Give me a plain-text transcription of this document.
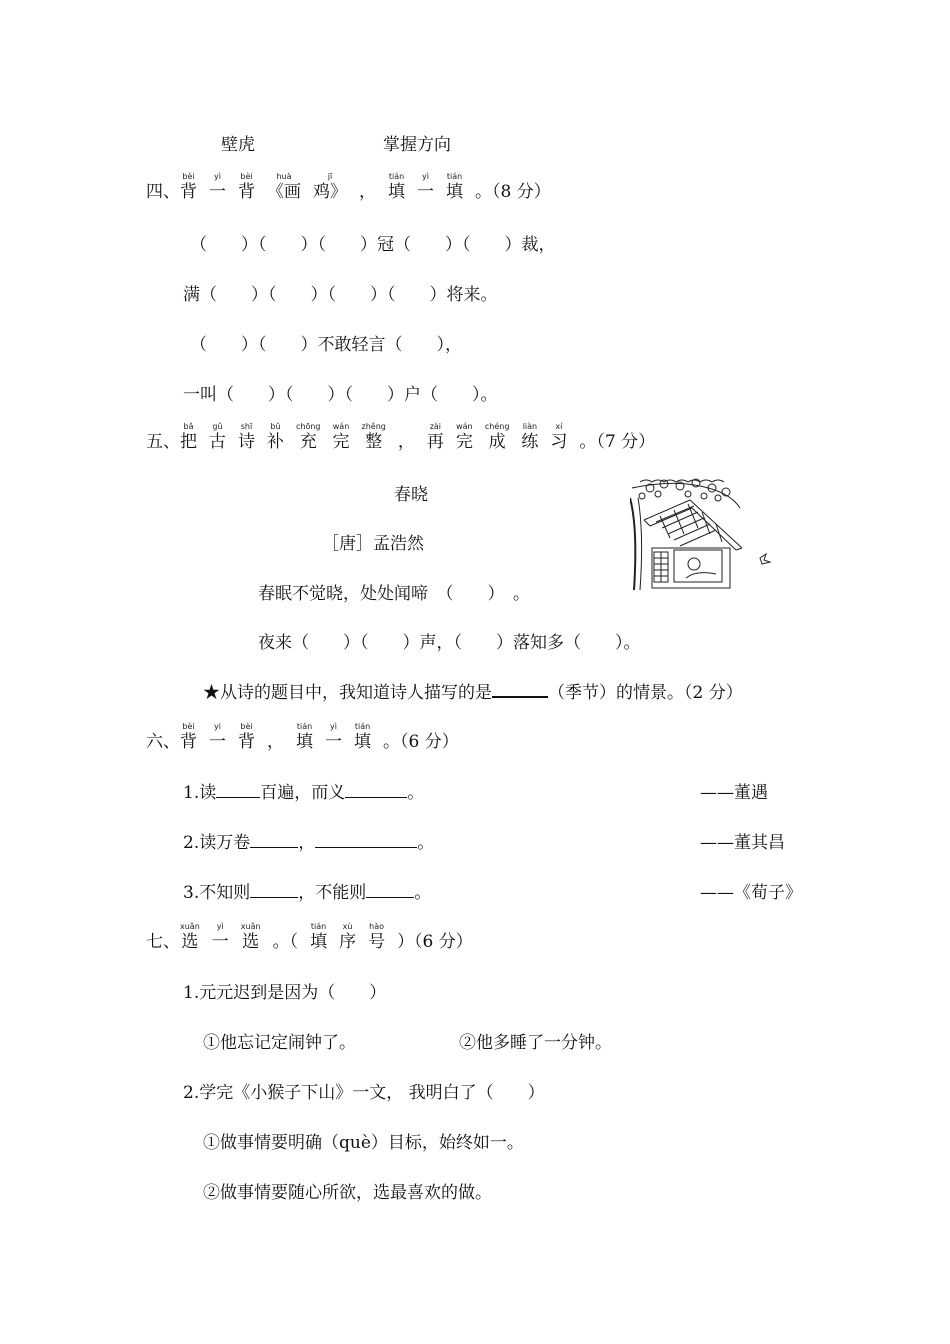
壁虎	掌握方向
四、
bèi
背
yì
一
bèi
背
huà
《画
jī
鸡》 ，
tián
填
yì
一
tián
填 。（8 分）
（　　）（　　）（　　）冠（　　）（　　）裁，
满（　　）（　　）（　　）（　　）将来。
（　　）（　　）不敢轻言（　　），
一叫（　　）（　　）（　　）户（　　）。
五、
bǎ
把
gǔ
古
shī
诗
bǔ
补
chōng
充
wán
完
zhěng
整 ，
zài
再
wán
完
chéng
成
liàn
练
xí
习 。（7 分）
春晓
［唐］孟浩然
春眠不觉晓，处处闻啼　（　　）　。
夜来（　　）（　　）声，（　　）落知多（　　）。
★从诗的题目中，我知道诗人描写的是	（季节）的情景。（2 分）
六、
bèi
背
yi
一
bèi
背 ，
tián
填
yì
一
tián
填 。（6 分）
1.读	百遍，而义	。	——董遇
2.读万卷	，	。	——董其昌
3.不知则	，不能则	。	——《荀子》
七、
xuǎn
选
yì
一
xuǎn
选 。（
tián
填
xù
序
hào
号 ）（6 分）
1.元元迟到是因为（　　）
①他忘记定闹钟了。	②他多睡了一分钟。
2.学完《小猴子下山》一文， 我明白了（　　）
①做事情要明确（què）目标，始终如一。
②做事情要随心所欲，选最喜欢的做。
